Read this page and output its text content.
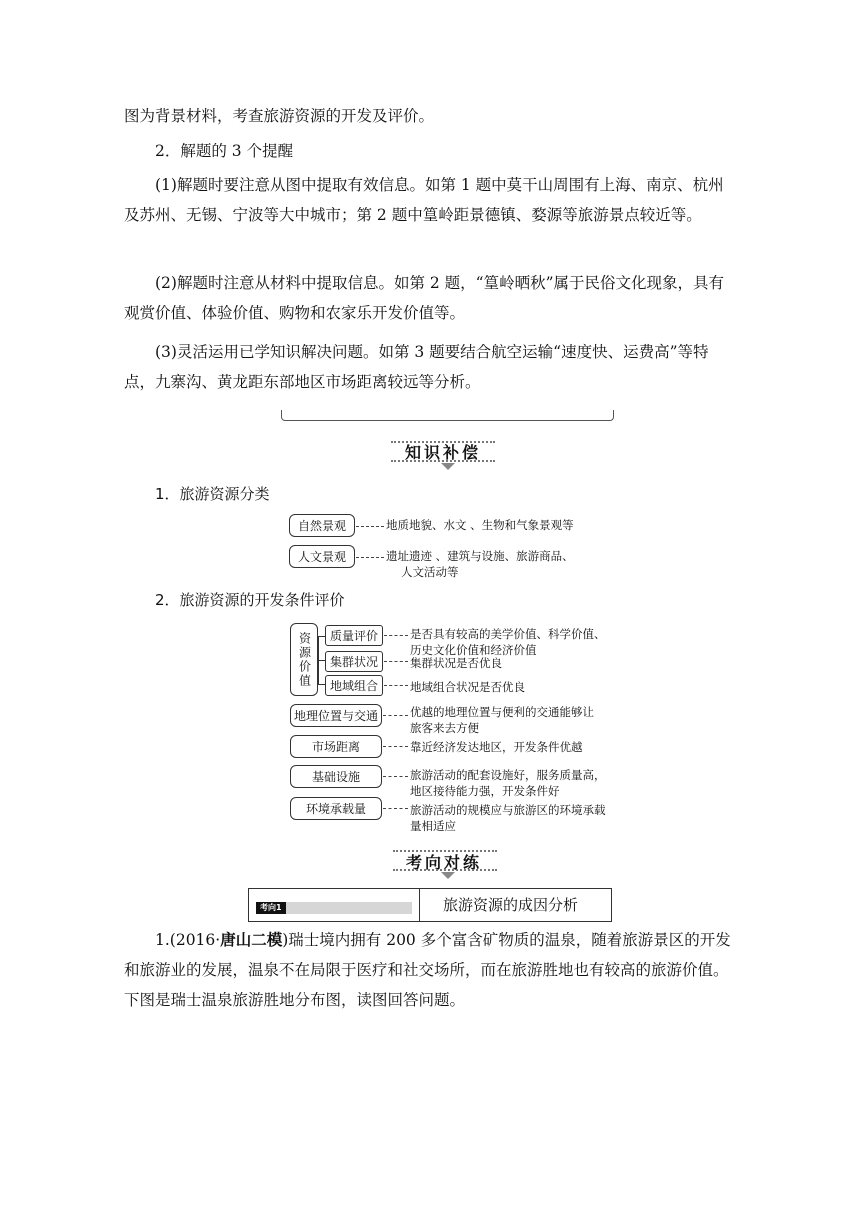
图为背景材料，考查旅游资源的开发及评价。

2．解题的 3 个提醒

(1)解题时要注意从图中提取有效信息。如第 1 题中莫干山周围有上海、南京、杭州及苏州、无锡、宁波等大中城市；第 2 题中篁岭距景德镇、婺源等旅游景点较近等。

(2)解题时注意从材料中提取信息。如第 2 题，“篁岭晒秋”属于民俗文化现象，具有观赏价值、体验价值、购物和农家乐开发价值等。

(3)灵活运用已学知识解决问题。如第 3 题要结合航空运输“速度快、运费高”等特点，九寨沟、黄龙距东部地区市场距离较远等分析。

知识补偿
1．旅游资源分类
自然景观	地质地貌、水文 、生物和气象景观等
人文景观	遗址遗迹 、建筑与设施、旅游商品、
人文活动等
2．旅游资源的开发条件评价
资源价值 质量评价	是否具有较高的美学价值、科学价值、
历史文化价值和经济价值
集群状况	集群状况是否优良
地域组合	地域组合状况是否优良
地理位置与交通	优越的地理位置与便利的交通能够让
旅客来去方便
市场距离	靠近经济发达地区，开发条件优越
基础设施	旅游活动的配套设施好，服务质量高，
地区接待能力强，开发条件好
环境承载量	旅游活动的规模应与旅游区的环境承载
量相适应
考向对练
考向1	旅游资源的成因分析

1.(2016·唐山二模)瑞士境内拥有 200 多个富含矿物质的温泉，随着旅游景区的开发和旅游业的发展，温泉不在局限于医疗和社交场所，而在旅游胜地也有较高的旅游价值。下图是瑞士温泉旅游胜地分布图，读图回答问题。
